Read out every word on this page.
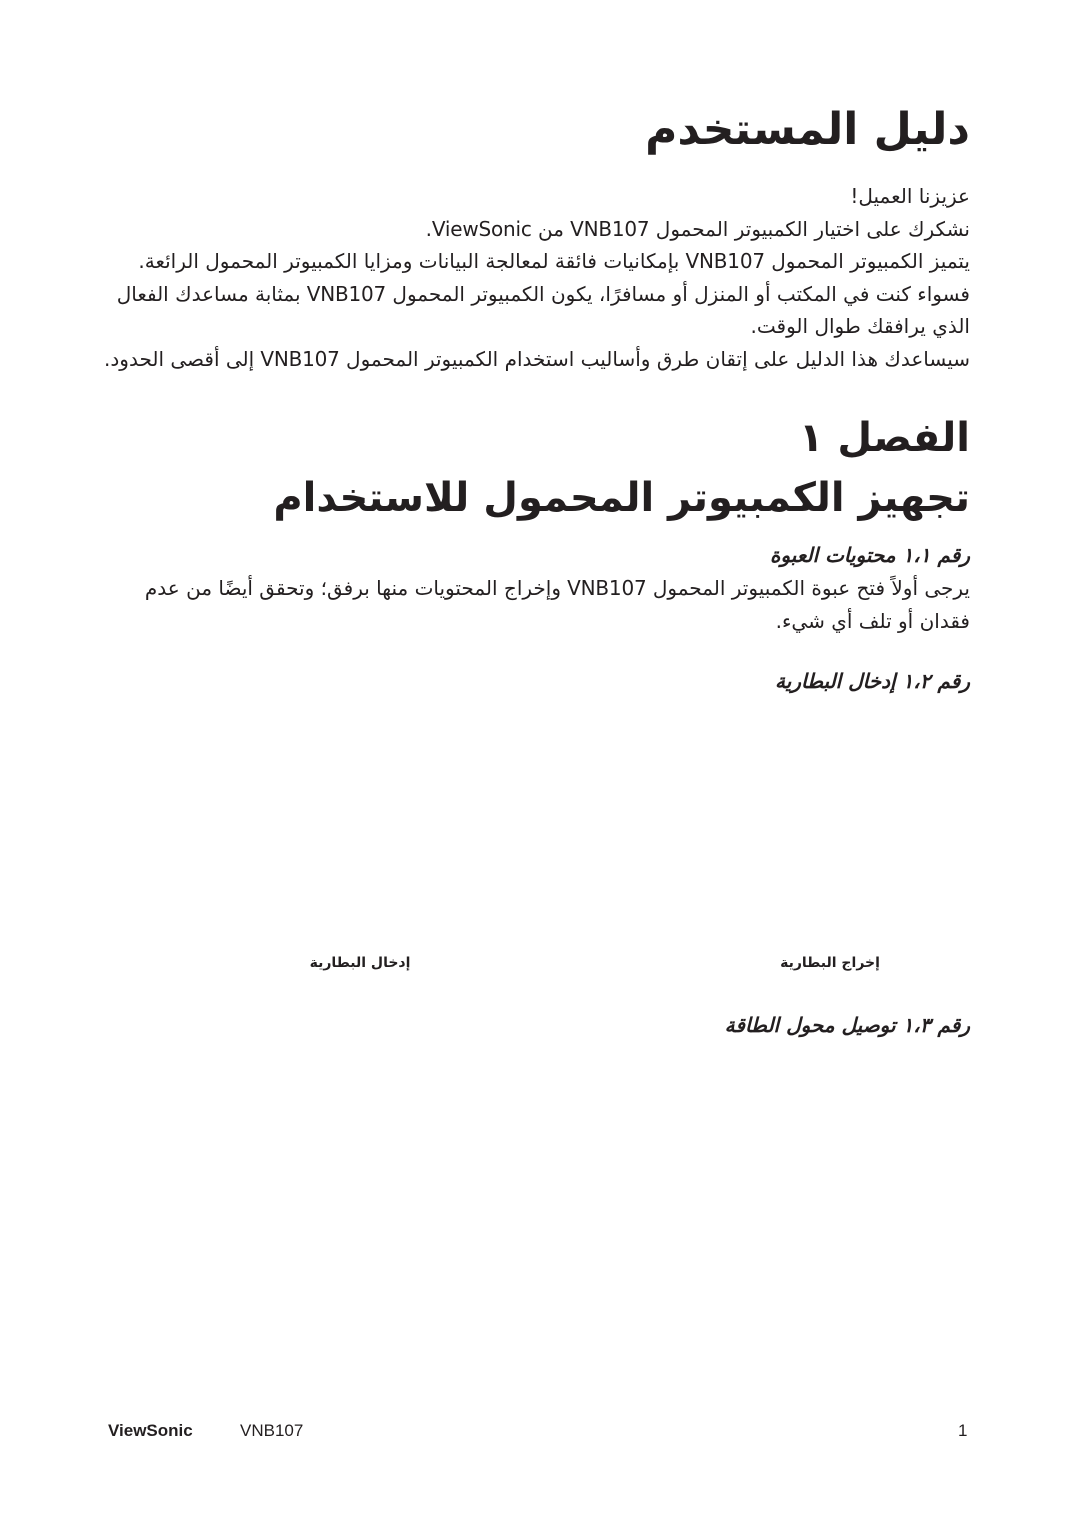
دليل المستخدم

عزيزنا العميل!

نشكرك على اختيار الكمبيوتر المحمول VNB107 من ViewSonic.

يتميز الكمبيوتر المحمول VNB107 بإمكانيات فائقة لمعالجة البيانات ومزايا الكمبيوتر المحمول الرائعة.

فسواء كنت في المكتب أو المنزل أو مسافرًا، يكون الكمبيوتر المحمول VNB107 بمثابة مساعدك الفعال

الذي يرافقك طوال الوقت.

سيساعدك هذا الدليل على إتقان طرق وأساليب استخدام الكمبيوتر المحمول VNB107 إلى أقصى الحدود.

الفصل ١
تجهيز الكمبيوتر المحمول للاستخدام
رقم ١،١ محتويات العبوة

يرجى أولاً فتح عبوة الكمبيوتر المحمول VNB107 وإخراج المحتويات منها برفق؛ وتحقق أيضًا من عدم

فقدان أو تلف أي شيء.

رقم ١،٢ إدخال البطارية
إخراج البطارية
إدخال البطارية
رقم ١،٣ توصيل محول الطاقة
ViewSonic	VNB107	1
